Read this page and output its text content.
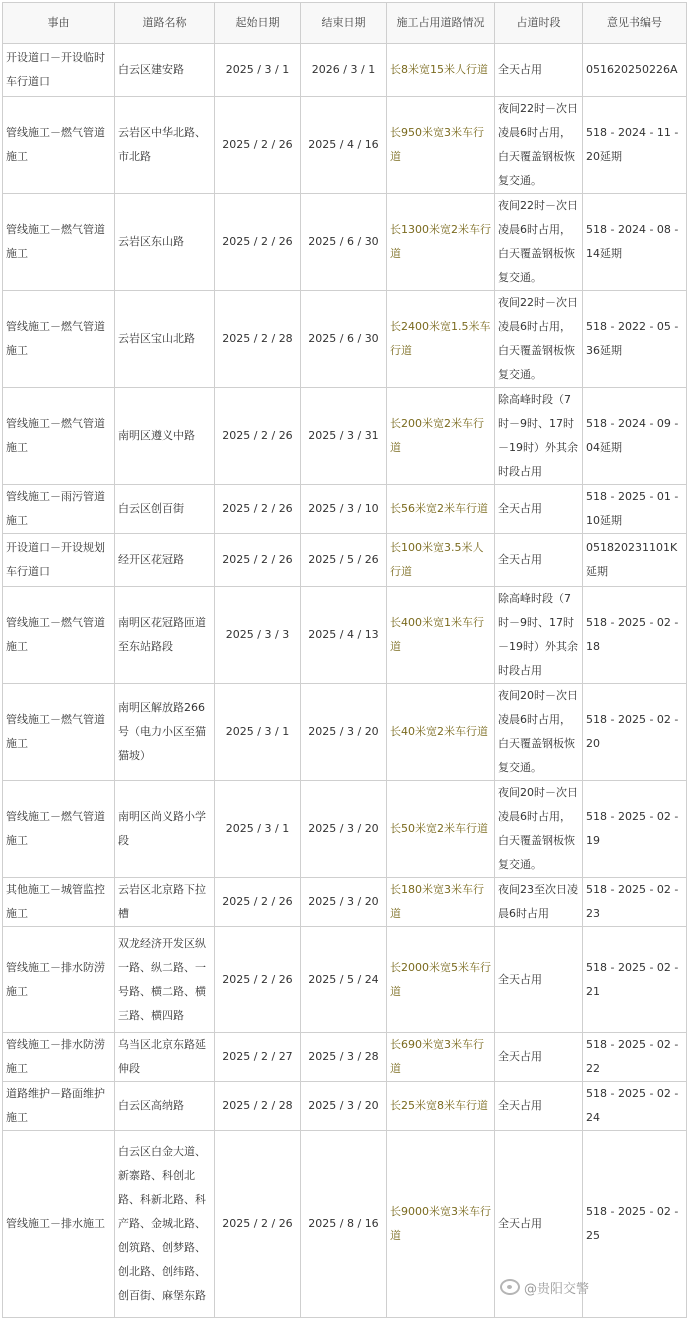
事由	道路名称	起始日期	结束日期	施工占用道路情况	占道时段	意见书编号
开设道口－开设临时车行道口	白云区建安路	2025 / 3 / 1	2026 / 3 / 1	长8米宽15米人行道	全天占用	051620250226A
管线施工－燃气管道施工	云岩区中华北路、市北路	2025 / 2 / 26	2025 / 4 / 16	长950米宽3米车行道	夜间22时－次日凌晨6时占用，白天覆盖钢板恢复交通。	518 - 2024 - 11 - 20延期
管线施工－燃气管道施工	云岩区东山路	2025 / 2 / 26	2025 / 6 / 30	长1300米宽2米车行道	夜间22时－次日凌晨6时占用，白天覆盖钢板恢复交通。	518 - 2024 - 08 - 14延期
管线施工－燃气管道施工	云岩区宝山北路	2025 / 2 / 28	2025 / 6 / 30	长2400米宽1.5米车行道	夜间22时－次日凌晨6时占用，白天覆盖钢板恢复交通。	518 - 2022 - 05 - 36延期
管线施工－燃气管道施工	南明区遵义中路	2025 / 2 / 26	2025 / 3 / 31	长200米宽2米车行道	除高峰时段（7时－9时、17时－19时）外其余时段占用	518 - 2024 - 09 - 04延期
管线施工－雨污管道施工	白云区创百街	2025 / 2 / 26	2025 / 3 / 10	长56米宽2米车行道	全天占用	518 - 2025 - 01 - 10延期
开设道口－开设规划车行道口	经开区花冠路	2025 / 2 / 26	2025 / 5 / 26	长100米宽3.5米人行道	全天占用	051820231101K延期
管线施工－燃气管道施工	南明区花冠路匝道至东站路段	2025 / 3 / 3	2025 / 4 / 13	长400米宽1米车行道	除高峰时段（7时－9时、17时－19时）外其余时段占用	518 - 2025 - 02 - 18
管线施工－燃气管道施工	南明区解放路266号（电力小区至猫猫坡）	2025 / 3 / 1	2025 / 3 / 20	长40米宽2米车行道	夜间20时－次日凌晨6时占用，白天覆盖钢板恢复交通。	518 - 2025 - 02 - 20
管线施工－燃气管道施工	南明区尚义路小学段	2025 / 3 / 1	2025 / 3 / 20	长50米宽2米车行道	夜间20时－次日凌晨6时占用，白天覆盖钢板恢复交通。	518 - 2025 - 02 - 19
其他施工－城管监控施工	云岩区北京路下拉槽	2025 / 2 / 26	2025 / 3 / 20	长180米宽3米车行道	夜间23至次日凌晨6时占用	518 - 2025 - 02 - 23
管线施工－排水防涝施工	双龙经济开发区纵一路、纵二路、一号路、横二路、横三路、横四路	2025 / 2 / 26	2025 / 5 / 24	长2000米宽5米车行道	全天占用	518 - 2025 - 02 - 21
管线施工－排水防涝施工	乌当区北京东路延伸段	2025 / 2 / 27	2025 / 3 / 28	长690米宽3米车行道	全天占用	518 - 2025 - 02 - 22
道路维护－路面维护施工	白云区高纳路	2025 / 2 / 28	2025 / 3 / 20	长25米宽8米车行道	全天占用	518 - 2025 - 02 - 24
管线施工－排水施工	白云区白金大道、新寨路、科创北路、科新北路、科产路、金城北路、创筑路、创梦路、创北路、创纬路、创百街、麻堡东路	2025 / 2 / 26	2025 / 8 / 16	长9000米宽3米车行道	全天占用	518 - 2025 - 02 - 25
@贵阳交警
